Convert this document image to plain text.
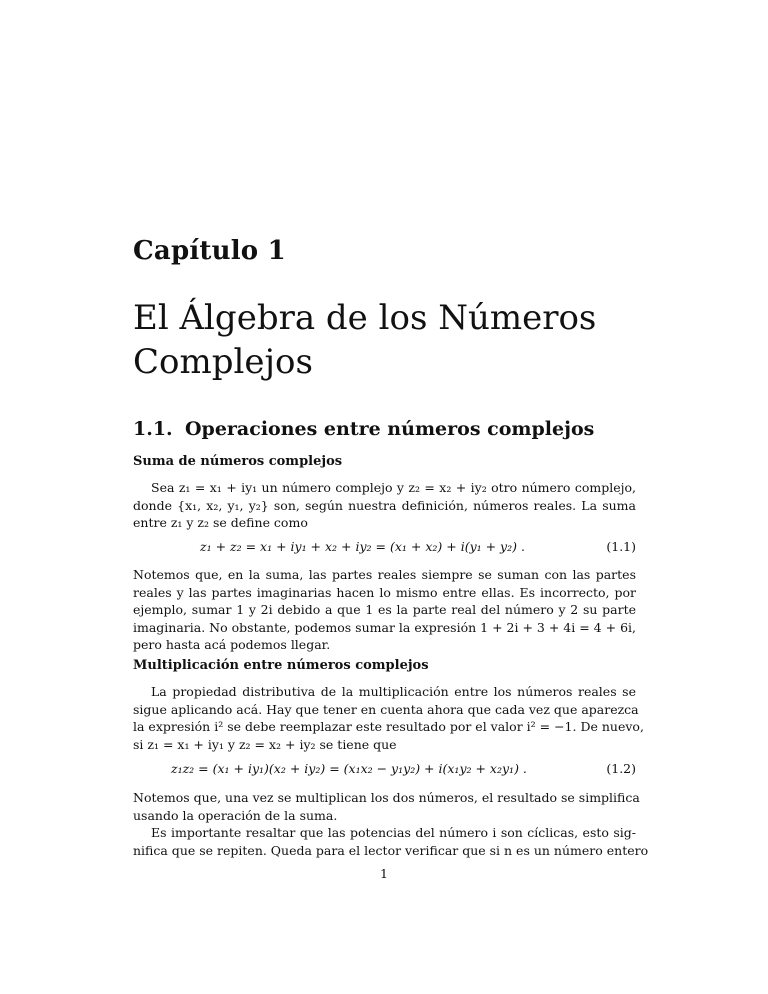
Capítulo 1
El Álgebra de los Números
Complejos
1.1. Operaciones entre números complejos
Suma de números complejos
Sea z₁ = x₁ + iy₁ un número complejo y z₂ = x₂ + iy₂ otro número complejo,
donde {x₁, x₂, y₁, y₂} son, según nuestra definición, números reales. La suma
entre z₁ y z₂ se define como
z₁ + z₂ = x₁ + iy₁ + x₂ + iy₂ = (x₁ + x₂) + i(y₁ + y₂) .	(1.1)
Notemos que, en la suma, las partes reales siempre se suman con las partes
reales y las partes imaginarias hacen lo mismo entre ellas. Es incorrecto, por
ejemplo, sumar 1 y 2i debido a que 1 es la parte real del número y 2 su parte
imaginaria. No obstante, podemos sumar la expresión 1 + 2i + 3 + 4i = 4 + 6i,
pero hasta acá podemos llegar.
Multiplicación entre números complejos
La propiedad distributiva de la multiplicación entre los números reales se
sigue aplicando acá. Hay que tener en cuenta ahora que cada vez que aparezca
la expresión i² se debe reemplazar este resultado por el valor i² = −1. De nuevo,
si z₁ = x₁ + iy₁ y z₂ = x₂ + iy₂ se tiene que
z₁z₂ = (x₁ + iy₁)(x₂ + iy₂) = (x₁x₂ − y₁y₂) + i(x₁y₂ + x₂y₁) .	(1.2)
Notemos que, una vez se multiplican los dos números, el resultado se simplifica
usando la operación de la suma.
Es importante resaltar que las potencias del número i son cíclicas, esto sig-
nifica que se repiten. Queda para el lector verificar que si n es un número entero
1
